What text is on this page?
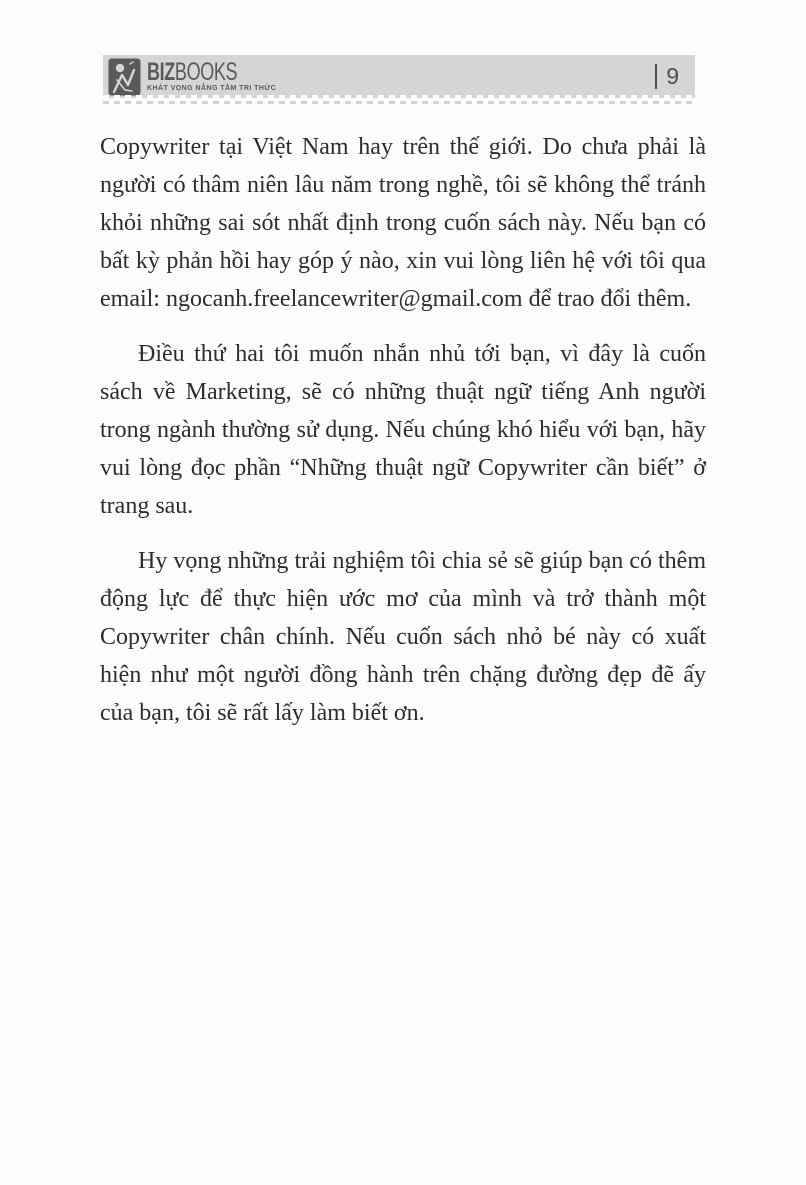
BIZBOOKS
KHÁT VỌNG NÂNG TẦM TRI THỨC	9

Copywriter tại Việt Nam hay trên thế giới. Do chưa phải là người có thâm niên lâu năm trong nghề, tôi sẽ không thể tránh khỏi những sai sót nhất định trong cuốn sách này. Nếu bạn có bất kỳ phản hồi hay góp ý nào, xin vui lòng liên hệ với tôi qua email: ngocanh.freelancewriter@gmail.com để trao đổi thêm.

Điều thứ hai tôi muốn nhắn nhủ tới bạn, vì đây là cuốn sách về Marketing, sẽ có những thuật ngữ tiếng Anh người trong ngành thường sử dụng. Nếu chúng khó hiểu với bạn, hãy vui lòng đọc phần “Những thuật ngữ Copywriter cần biết” ở trang sau.

Hy vọng những trải nghiệm tôi chia sẻ sẽ giúp bạn có thêm động lực để thực hiện ước mơ của mình và trở thành một Copywriter chân chính. Nếu cuốn sách nhỏ bé này có xuất hiện như một người đồng hành trên chặng đường đẹp đẽ ấy của bạn, tôi sẽ rất lấy làm biết ơn.
